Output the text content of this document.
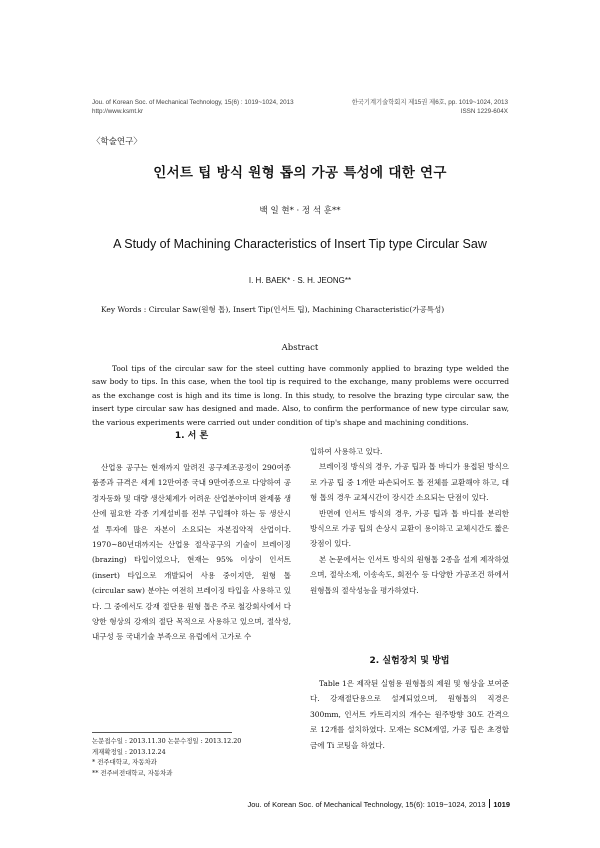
Jou. of Korean Soc. of Mechanical Technology, 15(6) : 1019~1024, 2013
http://www.ksmt.kr
한국기계기술학회지 제15권 제6호, pp. 1019~1024, 2013
ISSN 1229-604X
〈학술연구〉
인서트 팁 방식 원형 톱의 가공 특성에 대한 연구
백 일 현* · 정 석 훈**
A Study of Machining Characteristics of Insert Tip type Circular Saw
I. H. BAEK* · S. H. JEONG**
Key Words : Circular Saw(원형 톱), Insert Tip(인서트 팁), Machining Characteristic(가공특성)
Abstract

Tool tips of the circular saw for the steel cutting have commonly applied to brazing type welded the saw body to tips. In this case, when the tool tip is required to the exchange, many problems were occurred as the exchange cost is high and its time is long. In this study, to resolve the brazing type circular saw, the insert type circular saw has designed and made. Also, to confirm the performance of new type circular saw, the various experiments were carried out under condition of tip's shape and machining conditions.

1. 서 론

산업용 공구는 현재까지 알려진 공구제조공정이 290여종 품종과 규격은 세계 12만여종 국내 9만여종으로 다양하여 공정자동화 및 대량 생산체계가 어려운 산업분야이며 완제품 생산에 필요한 각종 기계설비를 전부 구입해야 하는 등 생산시설 투자에 많은 자본이 소요되는 자본집약적 산업이다. 1970~80년대까지는 산업용 절삭공구의 기술이 브레이징(brazing) 타입이었으나, 현재는 95% 이상이 인서트(insert) 타입으로 개발되어 사용 중이지만, 원형 톱(circular saw) 분야는 여전히 브레이징 타입을 사용하고 있다. 그 중에서도 강재 절단용 원형 톱은 주로 철강회사에서 다양한 형상의 강재의 절단 목적으로 사용하고 있으며, 절삭성, 내구성 등 국내기술 부족으로 유럽에서 고가로 수

입하여 사용하고 있다.

브레이징 방식의 경우, 가공 팁과 톱 바디가 용접된 방식으로 가공 팁 중 1개만 파손되어도 톱 전체를 교환해야 하고, 대형 톱의 경우 교체시간이 장시간 소요되는 단점이 있다.

반면에 인서트 방식의 경우, 가공 팁과 톱 바디를 분리한 방식으로 가공 팁의 손상시 교환이 용이하고 교체시간도 짧은 장점이 있다.

본 논문에서는 인서트 방식의 원형톱 2종을 설계 제작하였으며, 절삭소재, 이송속도, 회전수 등 다양한 가공조건 하에서 원형톱의 절삭성능을 평가하였다.

2. 실험장치 및 방법

Table 1은 제작된 실험용 원형톱의 제원 및 형상을 보여준다. 강재절단용으로 설계되었으며, 원형톱의 직경은 300mm, 인서트 카트리지의 개수는 원주방향 30도 간격으로 12개를 설치하였다. 모재는 SCM계열, 가공 팁은 초경합금에 Ti 코팅을 하였다.

논문접수일 : 2013.11.30 논문수정일 : 2013.12.20
게재확정일 : 2013.12.24
* 전주대학교, 자동차과
** 전주비전대학교, 자동차과
Jou. of Korean Soc. of Mechanical Technology, 15(6): 1019~1024, 2013 1019
